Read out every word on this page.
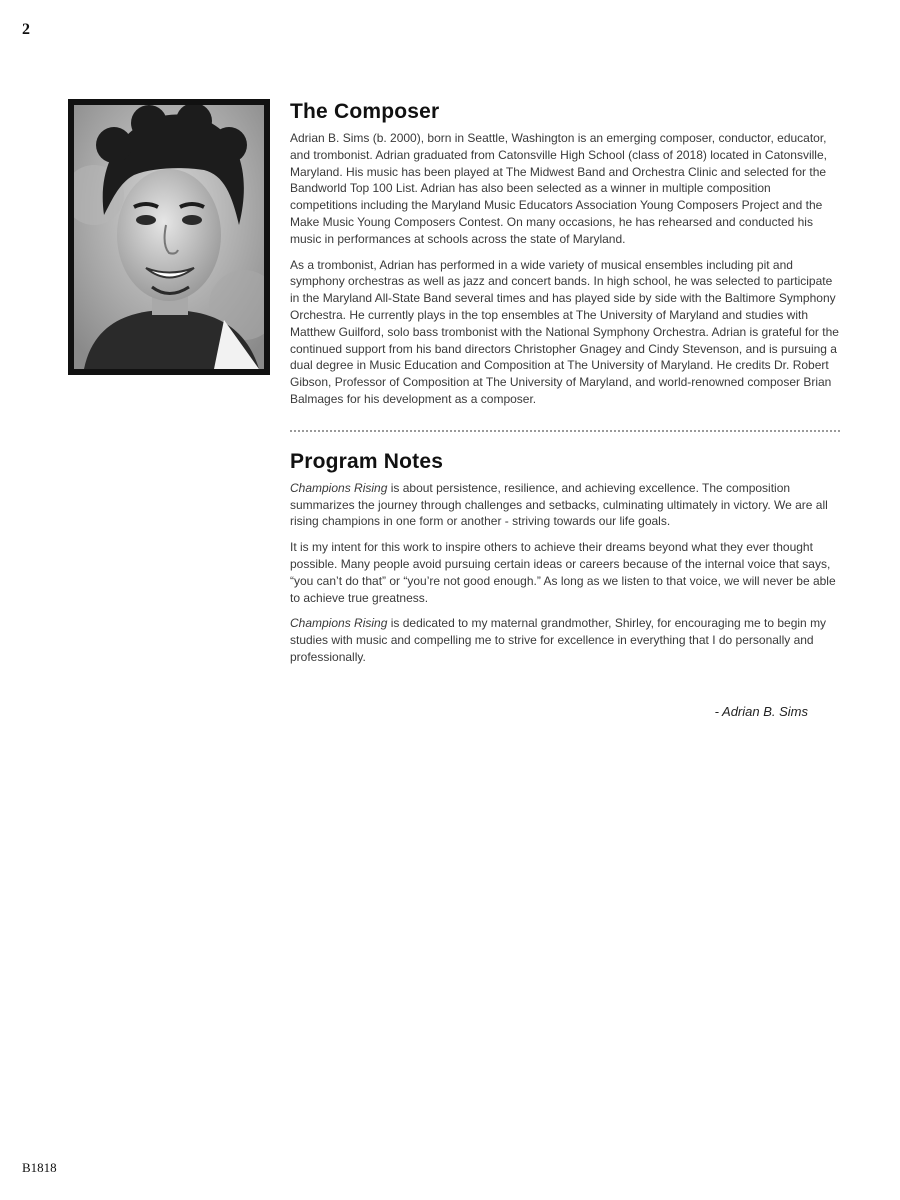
2
The Composer

Adrian B. Sims (b. 2000), born in Seattle, Washington is an emerging composer, conductor, educator, and trombonist. Adrian graduated from Catonsville High School (class of 2018) located in Catonsville, Maryland. His music has been played at The Midwest Band and Orchestra Clinic and selected for the Bandworld Top 100 List. Adrian has also been selected as a winner in multiple composition competitions including the Maryland Music Educators Association Young Composers Project and the Make Music Young Composers Contest. On many occasions, he has rehearsed and conducted his music in performances at schools across the state of Maryland.

As a trombonist, Adrian has performed in a wide variety of musical ensembles including pit and symphony orchestras as well as jazz and concert bands. In high school, he was selected to participate in the Maryland All-State Band several times and has played side by side with the Baltimore Symphony Orchestra. He currently plays in the top ensembles at The University of Maryland and studies with Matthew Guilford, solo bass trombonist with the National Symphony Orchestra. Adrian is grateful for the continued support from his band directors Christopher Gnagey and Cindy Stevenson, and is pursuing a dual degree in Music Education and Composition at The University of Maryland. He credits Dr. Robert Gibson, Professor of Composition at The University of Maryland, and world-renowned composer Brian Balmages for his development as a composer.

Program Notes

Champions Rising is about persistence, resilience, and achieving excellence. The composition summarizes the journey through challenges and setbacks, culminating ultimately in victory. We are all rising champions in one form or another - striving towards our life goals.

It is my intent for this work to inspire others to achieve their dreams beyond what they ever thought possible. Many people avoid pursuing certain ideas or careers because of the internal voice that says, “you can’t do that” or “you’re not good enough.” As long as we listen to that voice, we will never be able to achieve true greatness.

Champions Rising is dedicated to my maternal grandmother, Shirley, for encouraging me to begin my studies with music and compelling me to strive for excellence in everything that I do personally and professionally.

- Adrian B. Sims
B1818
